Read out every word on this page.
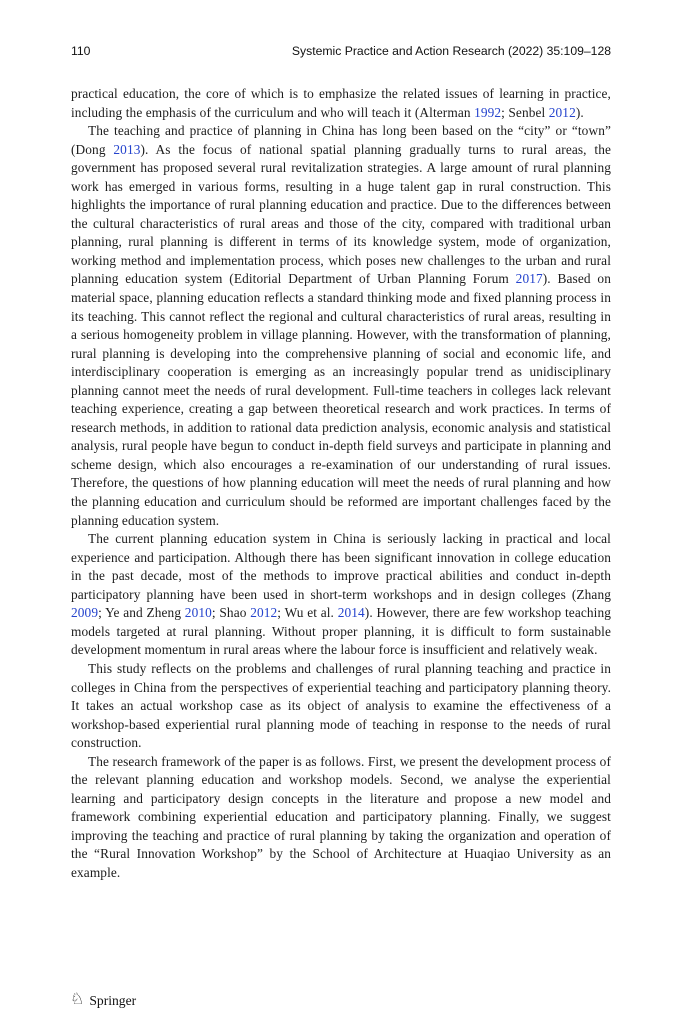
110	Systemic Practice and Action Research (2022) 35:109–128

practical education, the core of which is to emphasize the related issues of learning in practice, including the emphasis of the curriculum and who will teach it (Alterman 1992; Senbel 2012).

The teaching and practice of planning in China has long been based on the “city” or “town” (Dong 2013). As the focus of national spatial planning gradually turns to rural areas, the government has proposed several rural revitalization strategies. A large amount of rural planning work has emerged in various forms, resulting in a huge talent gap in rural construction. This highlights the importance of rural planning education and practice. Due to the differences between the cultural characteristics of rural areas and those of the city, compared with traditional urban planning, rural planning is different in terms of its knowledge system, mode of organization, working method and implementation process, which poses new challenges to the urban and rural planning education system (Editorial Department of Urban Planning Forum 2017). Based on material space, planning education reflects a standard thinking mode and fixed planning process in its teaching. This cannot reflect the regional and cultural characteristics of rural areas, resulting in a serious homogeneity problem in village planning. However, with the transformation of planning, rural planning is developing into the comprehensive planning of social and economic life, and interdisciplinary cooperation is emerging as an increasingly popular trend as unidisciplinary planning cannot meet the needs of rural development. Full-time teachers in colleges lack relevant teaching experience, creating a gap between theoretical research and work practices. In terms of research methods, in addition to rational data prediction analysis, economic analysis and statistical analysis, rural people have begun to conduct in-depth field surveys and participate in planning and scheme design, which also encourages a re-examination of our understanding of rural issues. Therefore, the questions of how planning education will meet the needs of rural planning and how the planning education and curriculum should be reformed are important challenges faced by the planning education system.

The current planning education system in China is seriously lacking in practical and local experience and participation. Although there has been significant innovation in college education in the past decade, most of the methods to improve practical abilities and conduct in-depth participatory planning have been used in short-term workshops and in design colleges (Zhang 2009; Ye and Zheng 2010; Shao 2012; Wu et al. 2014). However, there are few workshop teaching models targeted at rural planning. Without proper planning, it is difficult to form sustainable development momentum in rural areas where the labour force is insufficient and relatively weak.

This study reflects on the problems and challenges of rural planning teaching and practice in colleges in China from the perspectives of experiential teaching and participatory planning theory. It takes an actual workshop case as its object of analysis to examine the effectiveness of a workshop-based experiential rural planning mode of teaching in response to the needs of rural construction.

The research framework of the paper is as follows. First, we present the development process of the relevant planning education and workshop models. Second, we analyse the experiential learning and participatory design concepts in the literature and propose a new model and framework combining experiential education and participatory planning. Finally, we suggest improving the teaching and practice of rural planning by taking the organization and operation of the “Rural Innovation Workshop” by the School of Architecture at Huaqiao University as an example.

♘ Springer
